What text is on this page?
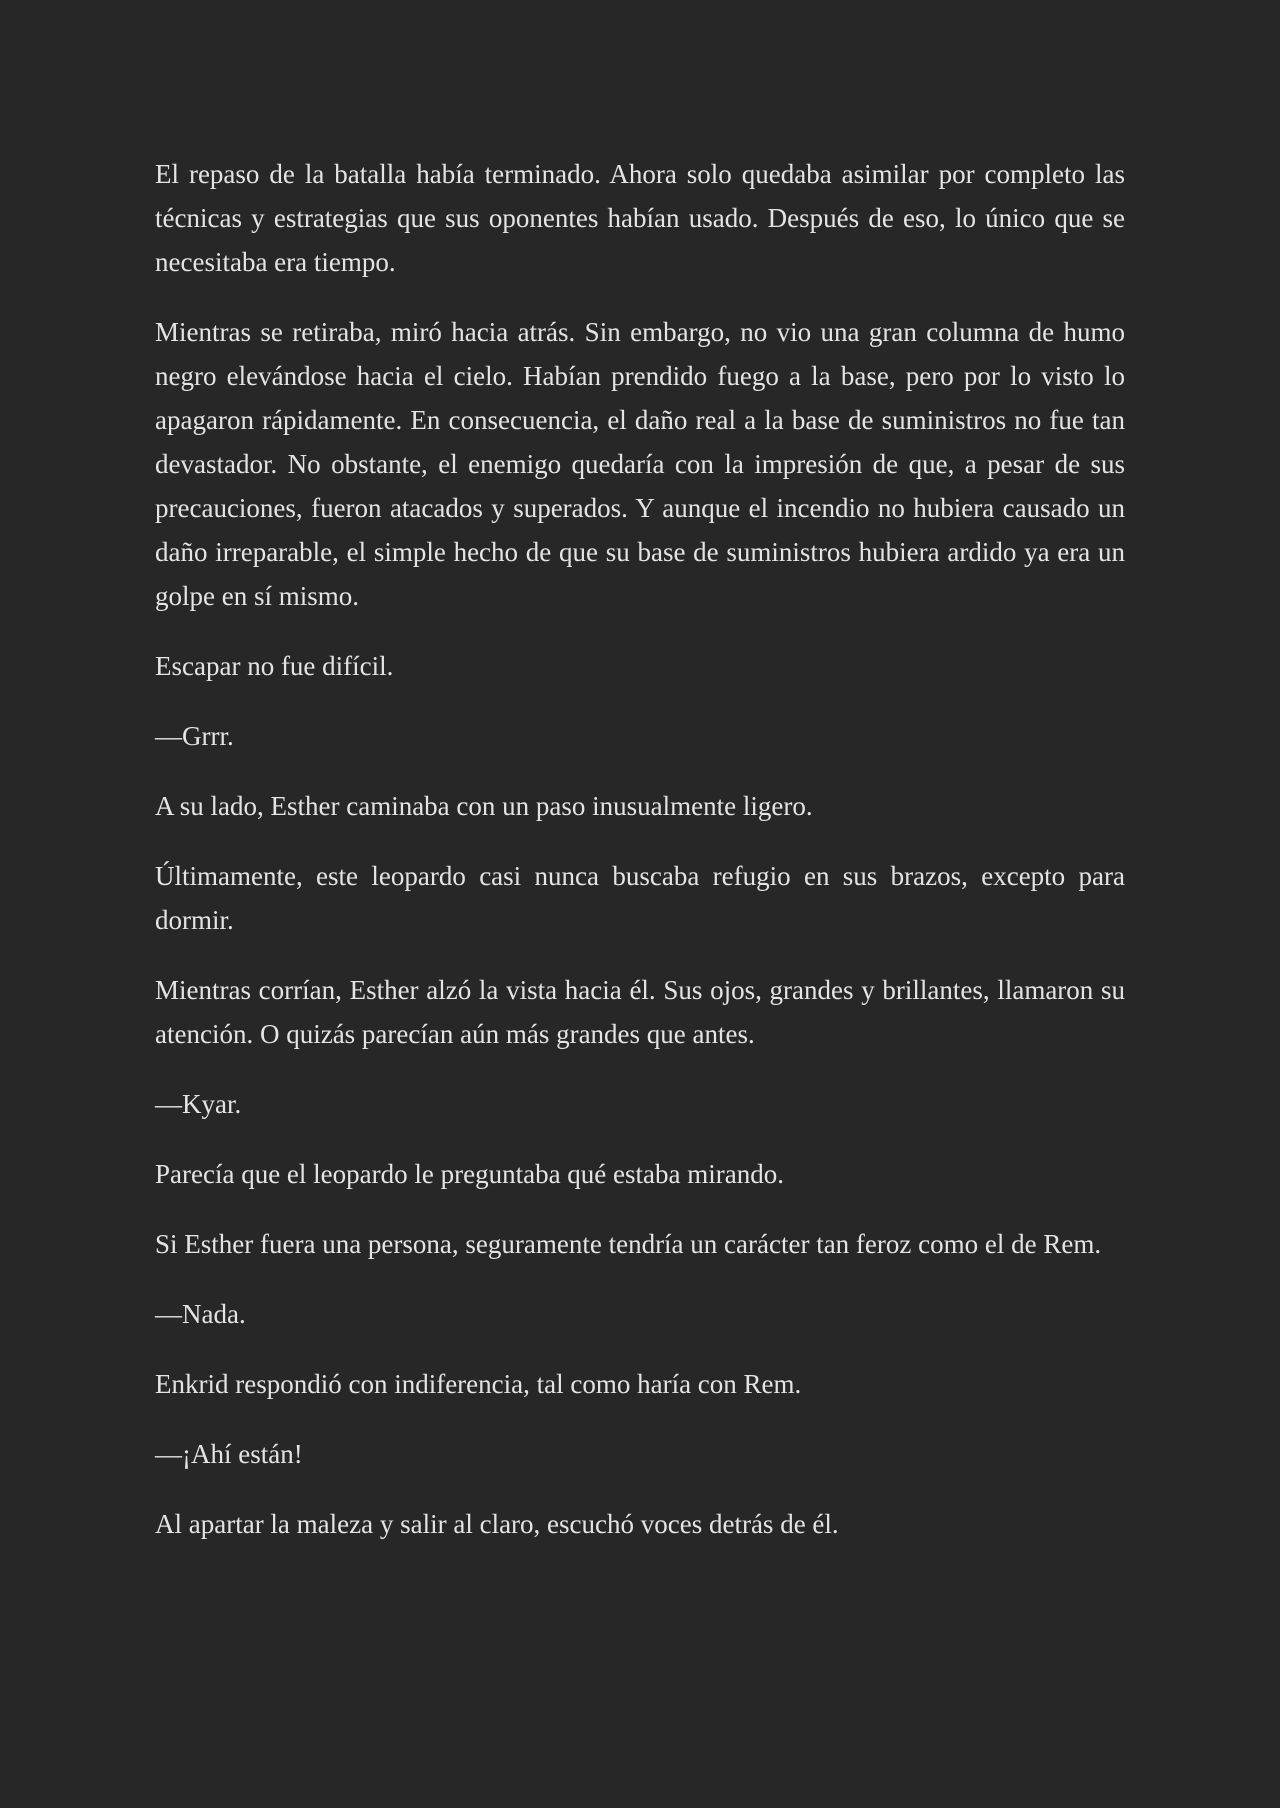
El repaso de la batalla había terminado. Ahora solo quedaba asimilar por completo las técnicas y estrategias que sus oponentes habían usado. Después de eso, lo único que se necesitaba era tiempo.

Mientras se retiraba, miró hacia atrás. Sin embargo, no vio una gran columna de humo negro elevándose hacia el cielo. Habían prendido fuego a la base, pero por lo visto lo apagaron rápidamente. En consecuencia, el daño real a la base de suministros no fue tan devastador. No obstante, el enemigo quedaría con la impresión de que, a pesar de sus precauciones, fueron atacados y superados. Y aunque el incendio no hubiera causado un daño irreparable, el simple hecho de que su base de suministros hubiera ardido ya era un golpe en sí mismo.

Escapar no fue difícil.

—Grrr.

A su lado, Esther caminaba con un paso inusualmente ligero.

Últimamente, este leopardo casi nunca buscaba refugio en sus brazos, excepto para dormir.

Mientras corrían, Esther alzó la vista hacia él. Sus ojos, grandes y brillantes, llamaron su atención. O quizás parecían aún más grandes que antes.

—Kyar.

Parecía que el leopardo le preguntaba qué estaba mirando.

Si Esther fuera una persona, seguramente tendría un carácter tan feroz como el de Rem.

—Nada.

Enkrid respondió con indiferencia, tal como haría con Rem.

—¡Ahí están!

Al apartar la maleza y salir al claro, escuchó voces detrás de él.
